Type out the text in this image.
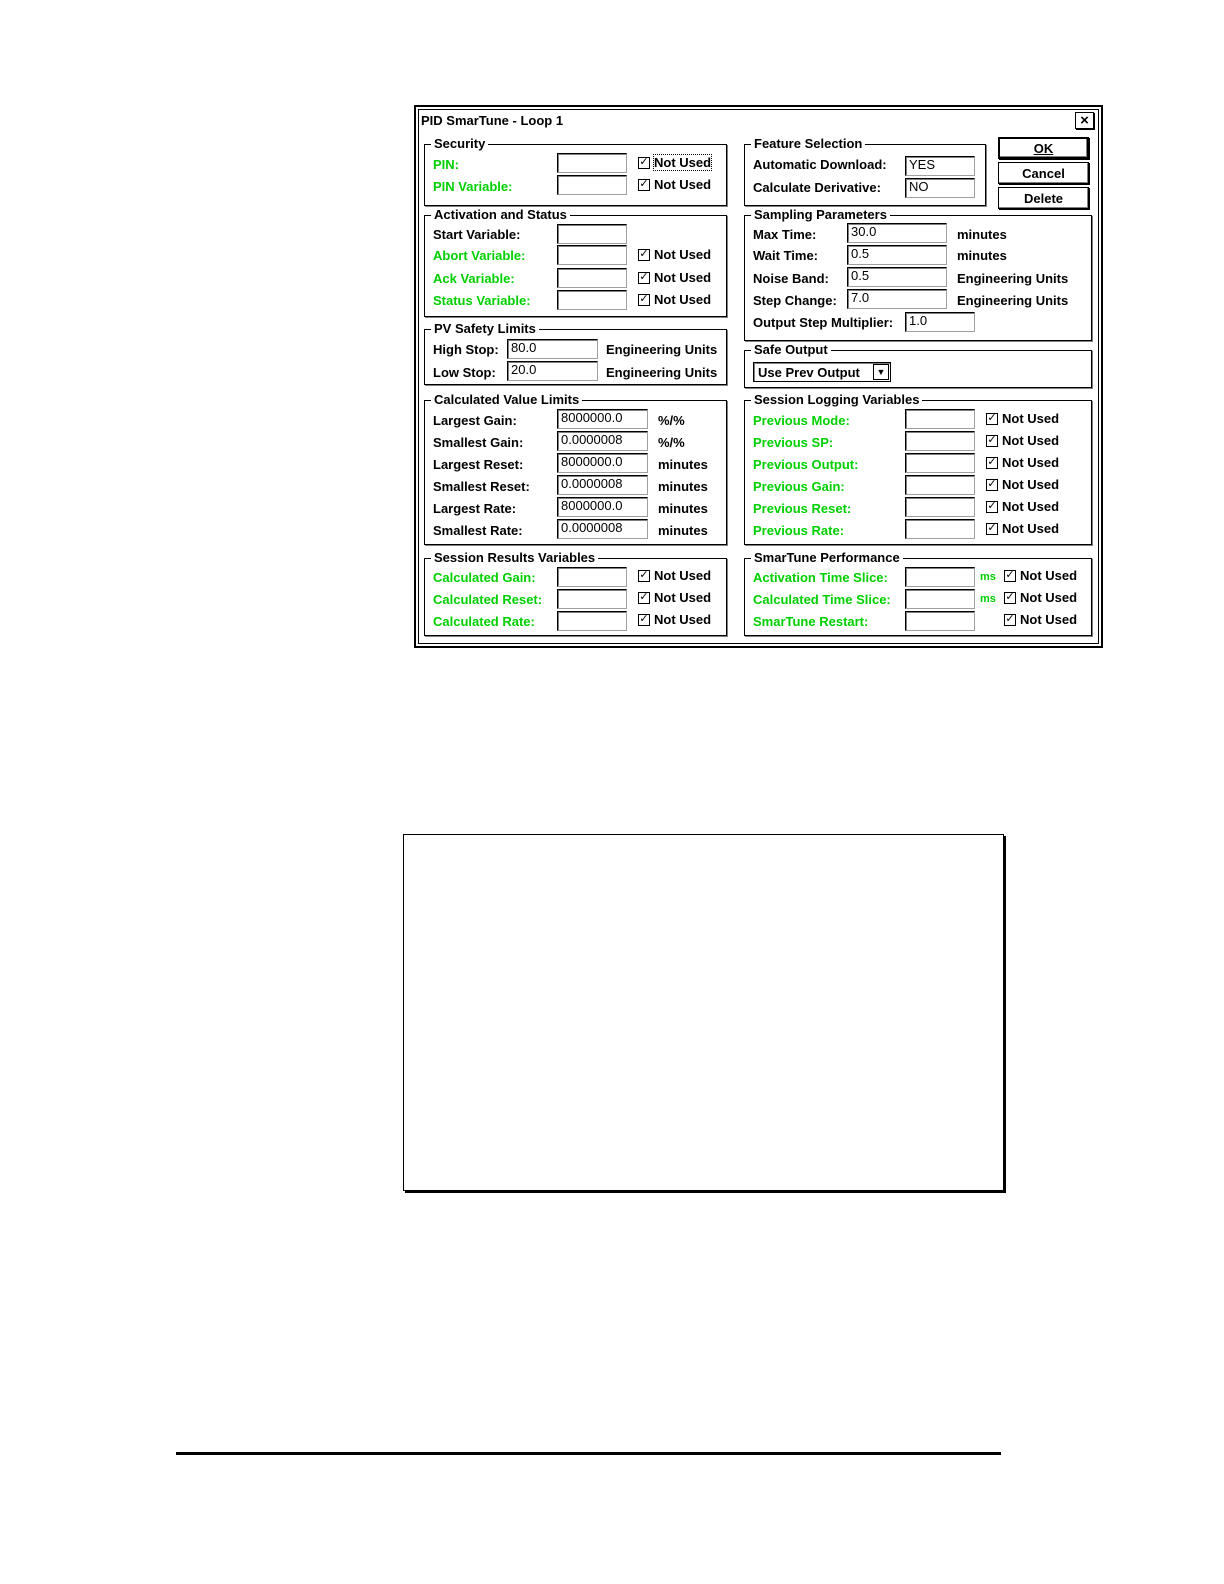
PID SmarTune - Loop 1	×
OK
Cancel
Delete
Security
PIN:	✓ Not Used
PIN Variable:	✓ Not Used
Activation and Status
Start Variable:
Abort Variable:	✓ Not Used
Ack Variable:	✓ Not Used
Status Variable:	✓ Not Used
PV Safety Limits
High Stop: 80.0	Engineering Units
Low Stop:	20.0	Engineering Units
Calculated Value Limits
Largest Gain:	8000000.0	%/%
Smallest Gain:	0.0000008	%/%
Largest Reset:	8000000.0	minutes
Smallest Reset:	0.0000008	minutes
Largest Rate:	8000000.0	minutes
Smallest Rate:	0.0000008	minutes
Session Results Variables
Calculated Gain:	✓ Not Used
Calculated Reset:	✓ Not Used
Calculated Rate:	✓ Not Used
Feature Selection
Automatic Download:	YES
Calculate Derivative:	NO
Sampling Parameters
Max Time:	30.0	minutes
Wait Time:	0.5	minutes
Noise Band:	0.5	Engineering Units
Step Change:	7.0	Engineering Units
Output Step Multiplier:	1.0
Safe Output
Use Prev Output	▼
Session Logging Variables
Previous Mode:	✓ Not Used
Previous SP:	✓ Not Used
Previous Output:	✓ Not Used
Previous Gain:	✓ Not Used
Previous Reset:	✓ Not Used
Previous Rate:	✓ Not Used
SmarTune Performance
Activation Time Slice:	ms ✓ Not Used
Calculated Time Slice:	ms ✓ Not Used
SmarTune Restart:	✓ Not Used
